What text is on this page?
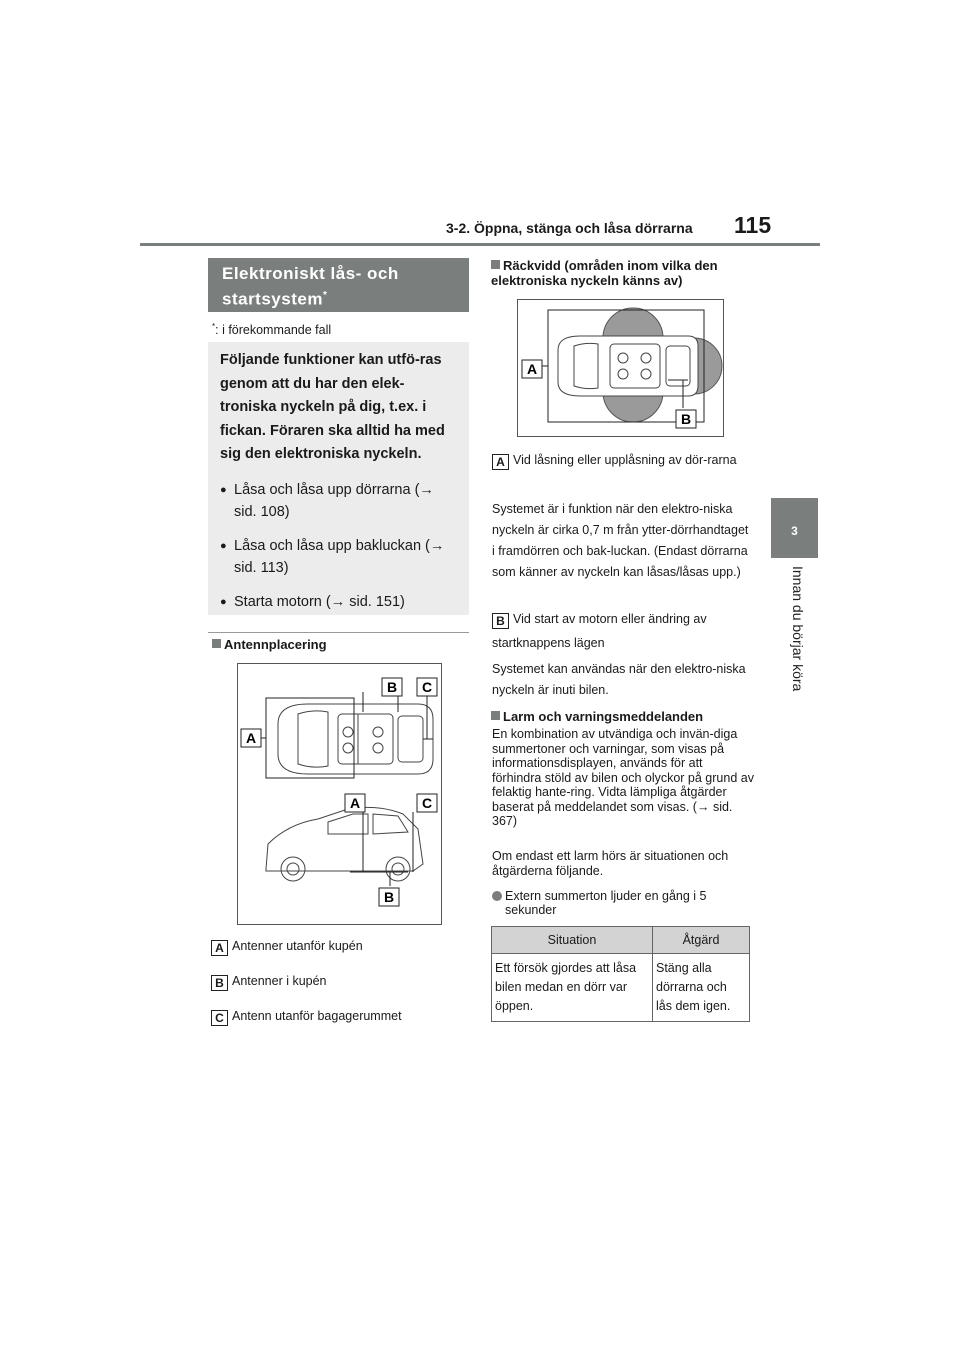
3-2. Öppna, stänga och låsa dörrarna 115
3
Innan du börjar köra
Elektroniskt lås- och
startsystem*
*: i förekommande fall
Följande funktioner kan utfö-ras genom att du har den elek-troniska nyckeln på dig, t.ex. i fickan. Föraren ska alltid ha med sig den elektroniska nyckeln.
● Låsa och låsa upp dörrarna (→ sid. 108)
● Låsa och låsa upp bakluckan (→ sid. 113)
● Starta motorn (→ sid. 151)
Antennplacering
A
B C
A	C
B
A Antenner utanför kupén
B Antenner i kupén
C Antenn utanför bagagerummet
Räckvidd (områden inom vilka den elektroniska nyckeln känns av)
A
B
A Vid låsning eller upplåsning av dör-rarna
Systemet är i funktion när den elektro-niska nyckeln är cirka 0,7 m från ytter-dörrhandtaget i framdörren och bak-luckan. (Endast dörrarna som känner av nyckeln kan låsas/låsas upp.)
B Vid start av motorn eller ändring av startknappens lägen
Systemet kan användas när den elektro-niska nyckeln är inuti bilen.
Larm och varningsmeddelanden
En kombination av utvändiga och invän-diga summertoner och varningar, som visas på informationsdisplayen, används för att förhindra stöld av bilen och olyckor på grund av felaktig hante-ring. Vidta lämpliga åtgärder baserat på meddelandet som visas. (→ sid. 367)
Om endast ett larm hörs är situationen och åtgärderna följande.
Extern summerton ljuder en gång i 5 sekunder
Situation	Åtgärd
Ett försök gjordes att låsa bilen medan en dörr var öppen.	Stäng alla dörrarna och lås dem igen.
